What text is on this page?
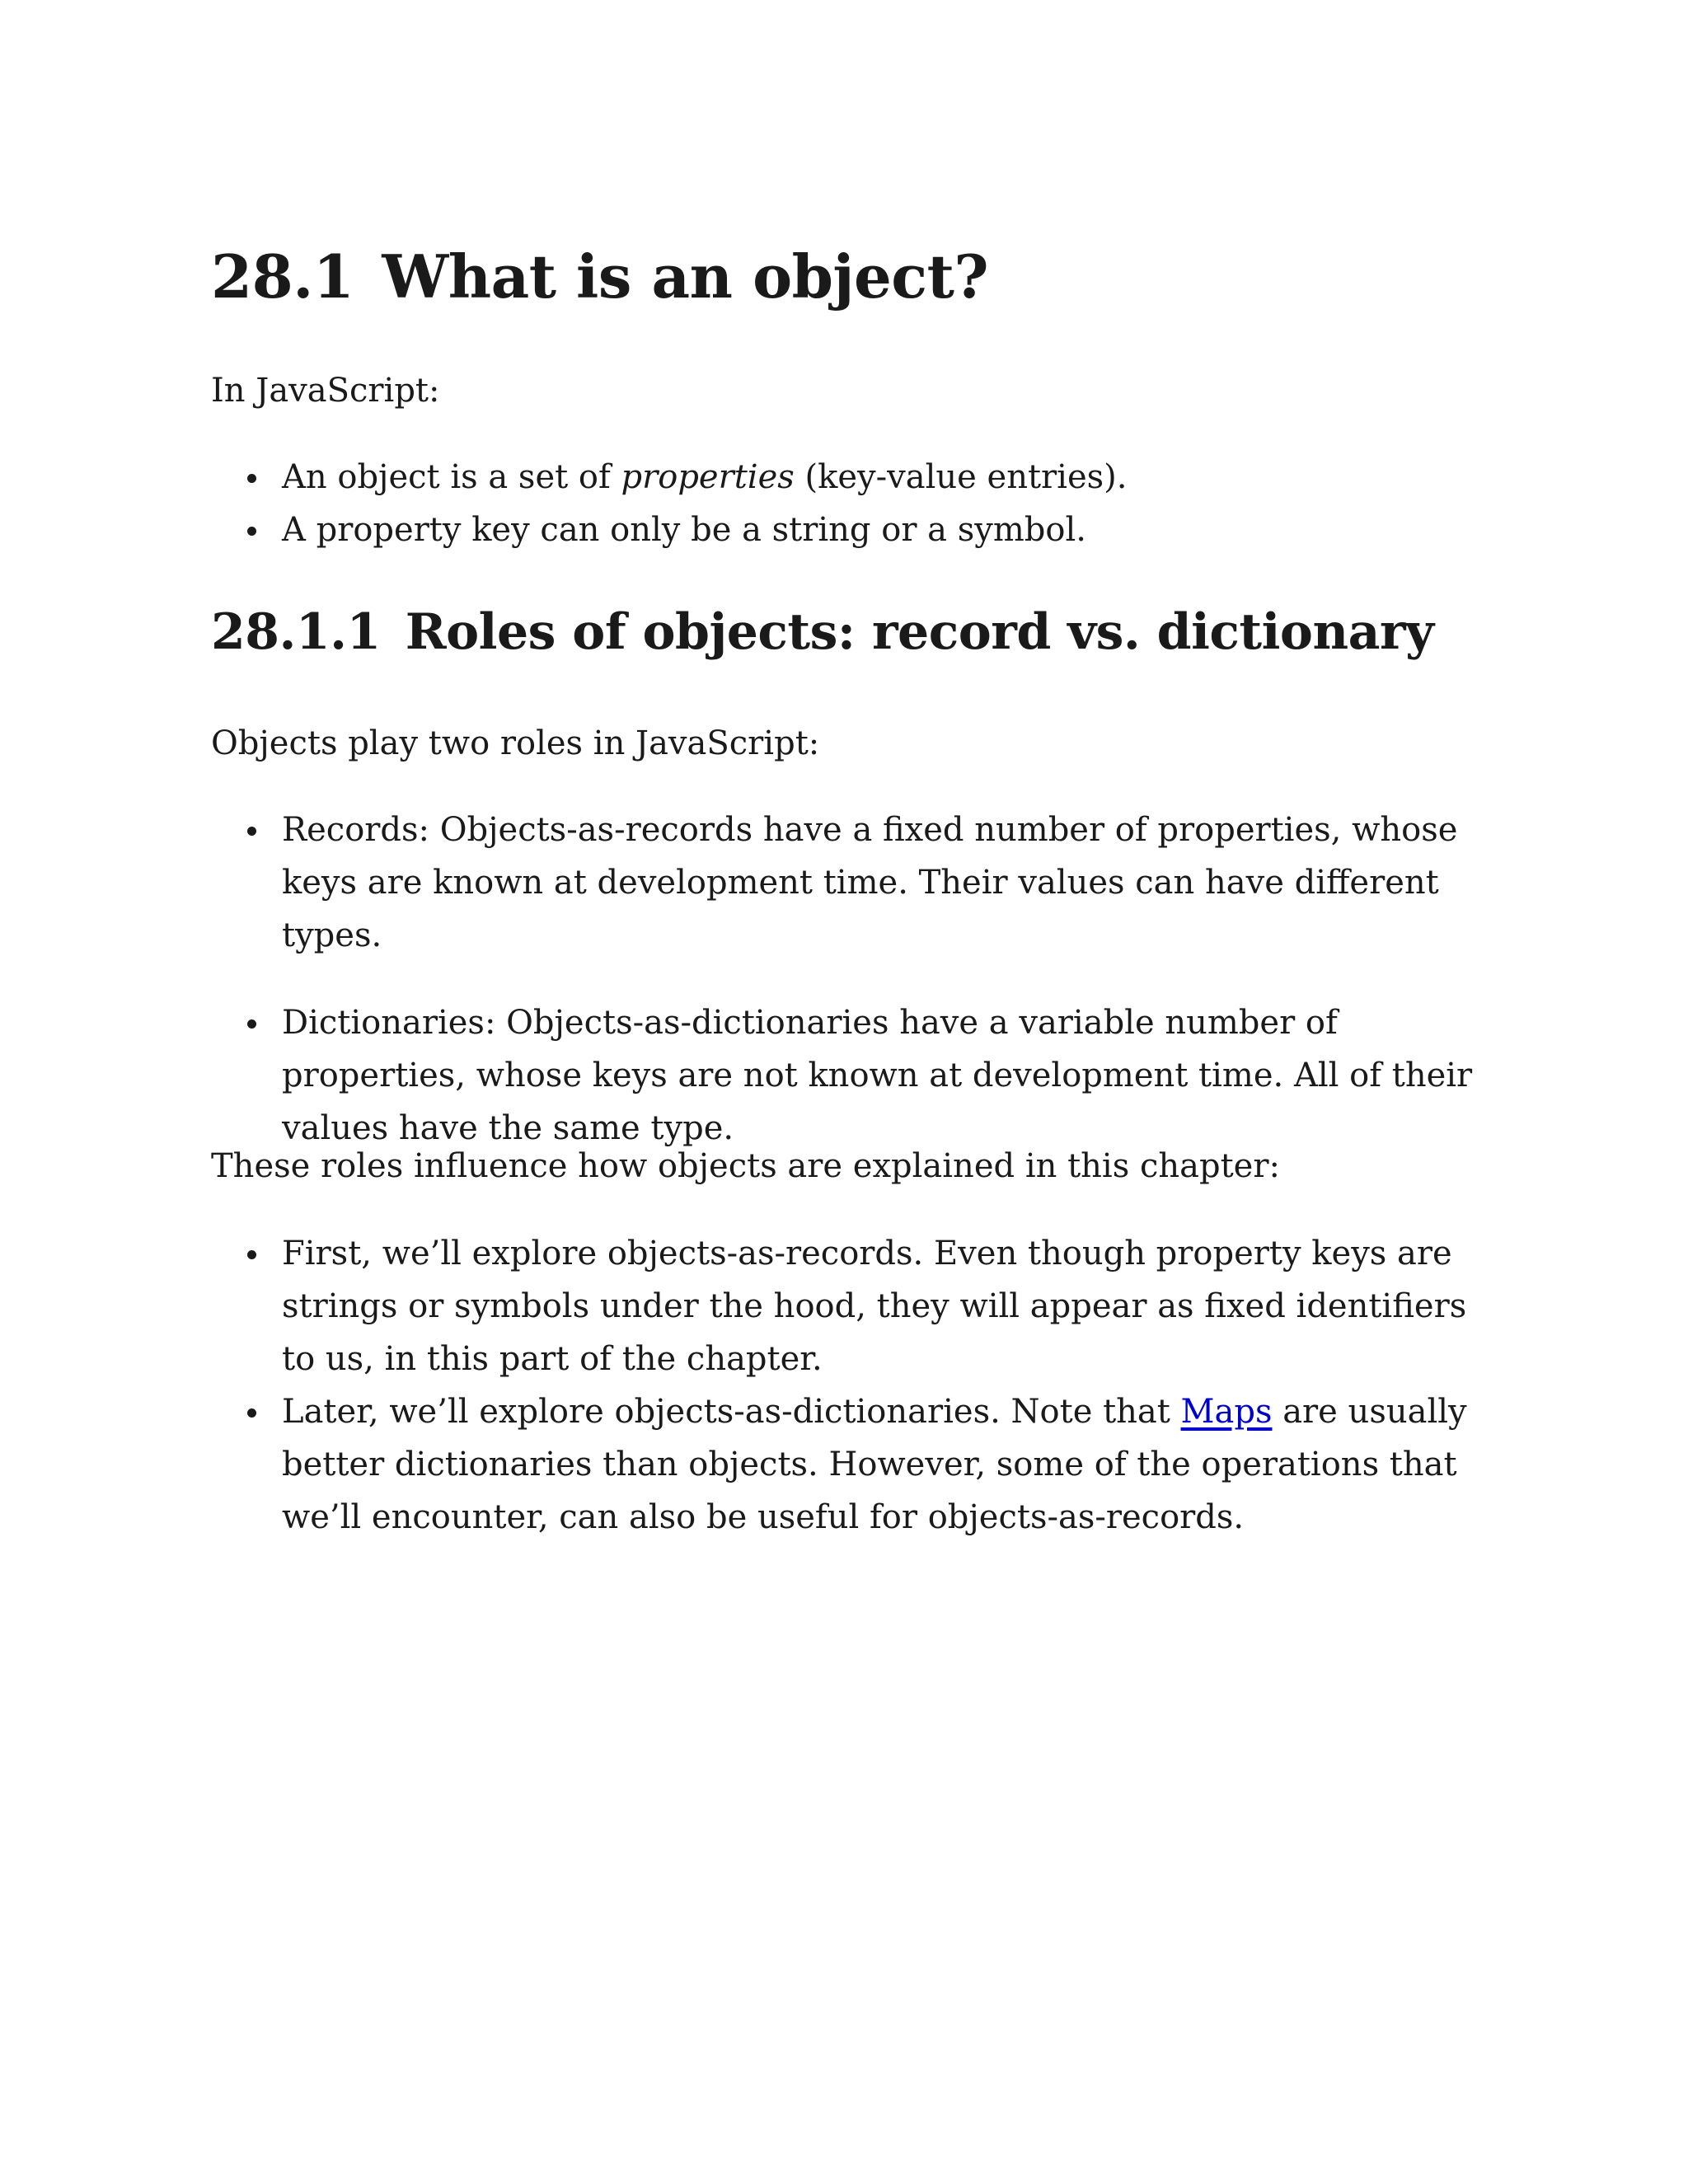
28.1 What is an object?

In JavaScript:

An object is a set of properties (key-value entries).
A property key can only be a string or a symbol.
28.1.1 Roles of objects: record vs. dictionary

Objects play two roles in JavaScript:

Records: Objects-as-records have a fixed number of properties, whose keys are known at development time. Their values can have different types.
Dictionaries: Objects-as-dictionaries have a variable number of properties, whose keys are not known at development time. All of their values have the same type.

These roles influence how objects are explained in this chapter:

First, we’ll explore objects-as-records. Even though property keys are strings or symbols under the hood, they will appear as fixed identifiers to us, in this part of the chapter.
Later, we’ll explore objects-as-dictionaries. Note that Maps are usually better dictionaries than objects. However, some of the operations that we’ll encounter, can also be useful for objects-as-records.
